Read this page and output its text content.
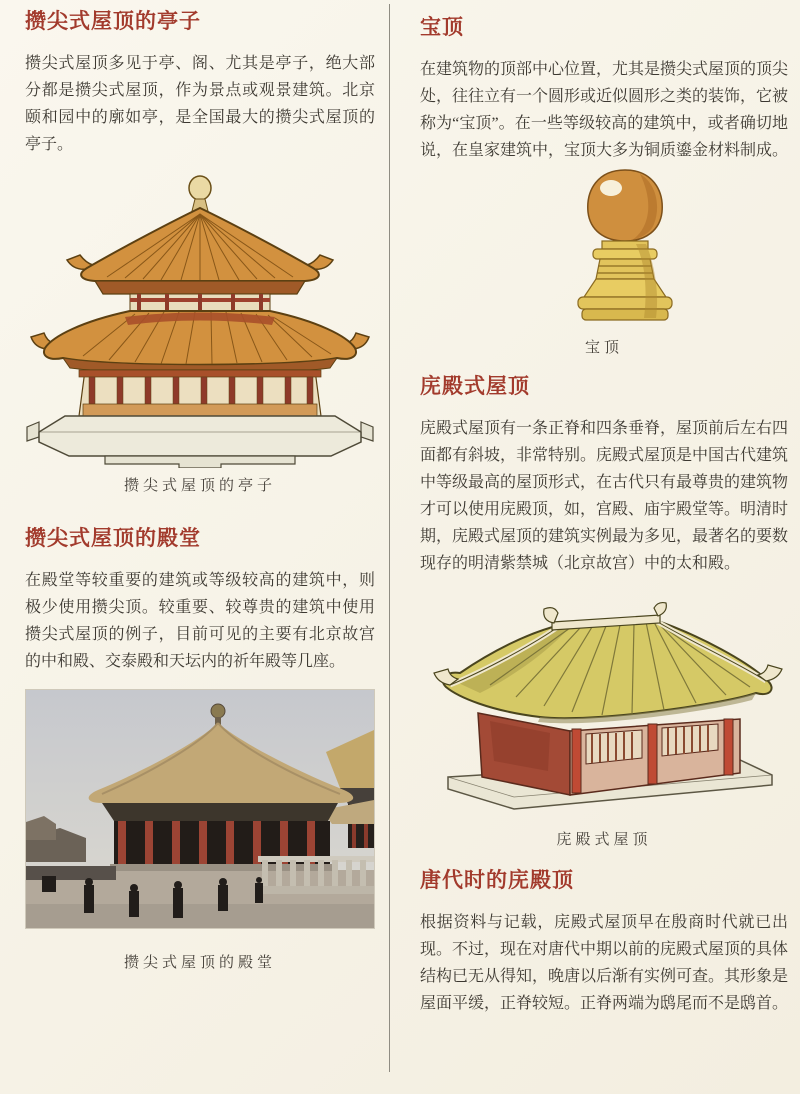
攒尖式屋顶的亭子

攒尖式屋顶多见于亭、阁、尤其是亭子，绝大部分都是攒尖式屋顶，作为景点或观景建筑。北京颐和园中的廓如亭，是全国最大的攒尖式屋顶的亭子。

攒尖式屋顶的亭子
攒尖式屋顶的殿堂

在殿堂等较重要的建筑或等级较高的建筑中，则极少使用攒尖顶。较重要、较尊贵的建筑中使用攒尖式屋顶的例子，目前可见的主要有北京故宫的中和殿、交泰殿和天坛内的祈年殿等几座。

攒尖式屋顶的殿堂
宝顶

在建筑物的顶部中心位置，尤其是攒尖式屋顶的顶尖处，往往立有一个圆形或近似圆形之类的装饰，它被称为“宝顶”。在一些等级较高的建筑中，或者确切地说，在皇家建筑中，宝顶大多为铜质鎏金材料制成。

宝顶
庑殿式屋顶

庑殿式屋顶有一条正脊和四条垂脊，屋顶前后左右四面都有斜坡，非常特别。庑殿式屋顶是中国古代建筑中等级最高的屋顶形式，在古代只有最尊贵的建筑物才可以使用庑殿顶，如，宫殿、庙宇殿堂等。明清时期，庑殿式屋顶的建筑实例最为多见，最著名的要数现存的明清紫禁城（北京故宫）中的太和殿。

庑殿式屋顶
唐代时的庑殿顶

根据资料与记载，庑殿式屋顶早在殷商时代就已出现。不过，现在对唐代中期以前的庑殿式屋顶的具体结构已无从得知，晚唐以后渐有实例可查。其形象是屋面平缓，正脊较短。正脊两端为鸱尾而不是鸱首。
